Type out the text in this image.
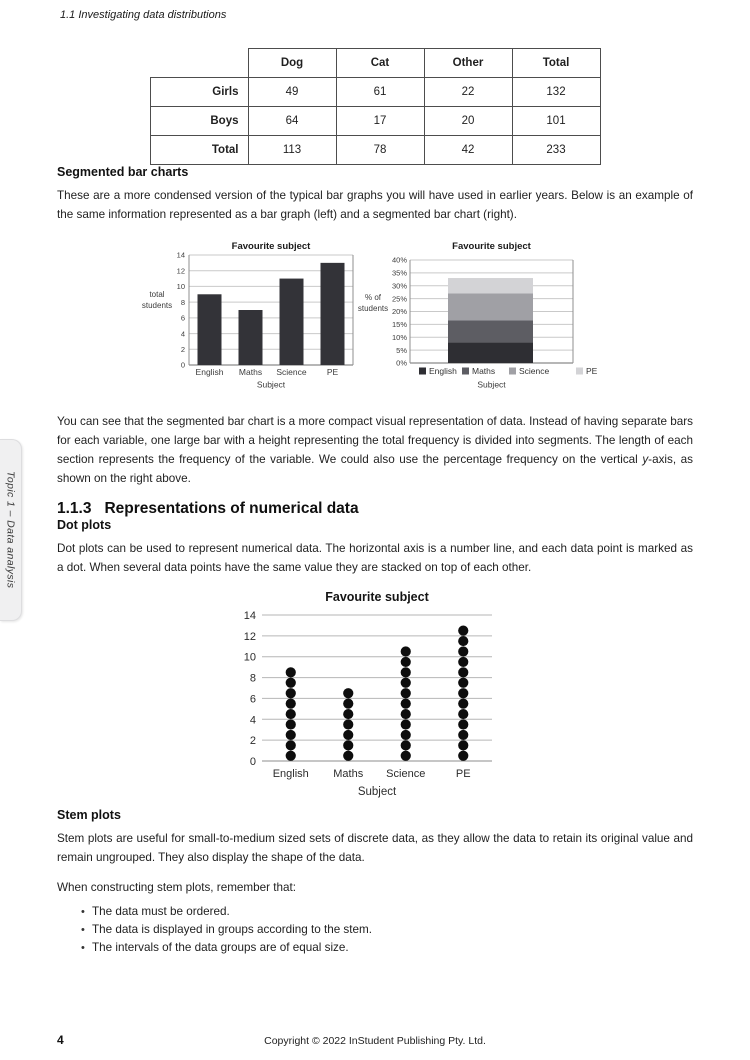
1.1 Investigating data distributions
Topic 1 – Data analysis
	Dog	Cat	Other	Total
Girls	49	61	22	132
Boys	64	17	20	101
Total	113	78	42	233
Segmented bar charts

These are a more condensed version of the typical bar graphs you will have used in earlier years. Below is an example of the same information represented as a bar graph (left) and a segmented bar chart (right).

Favourite subject
0
2
4
6
8
10
12
14
English Maths Science PE
total
students
Subject
Favourite subject
0%
5%
10%
15%
20%
25%
30%
35%
40%
% of
students
English Maths	Science	PE
Subject

You can see that the segmented bar chart is a more compact visual representation of data. Instead of having separate bars for each variable, one large bar with a height representing the total frequency is divided into segments. The length of each section represents the frequency of the variable. We could also use the percentage frequency on the vertical y-axis, as shown on the right above.

1.1.3 Representations of numerical data
Dot plots

Dot plots can be used to represent numerical data. The horizontal axis is a number line, and each data point is marked as a dot. When several data points have the same value they are stacked on top of each other.

Favourite subject
0
2
4
6
8
10
12
14
English Maths Science	PE
Subject
Stem plots

Stem plots are useful for small-to-medium sized sets of discrete data, as they allow the data to retain its original value and remain ungrouped. They also display the shape of the data.

When constructing stem plots, remember that:

• The data must be ordered.
• The data is displayed in groups according to the stem.
• The intervals of the data groups are of equal size.
4	Copyright © 2022 InStudent Publishing Pty. Ltd.
